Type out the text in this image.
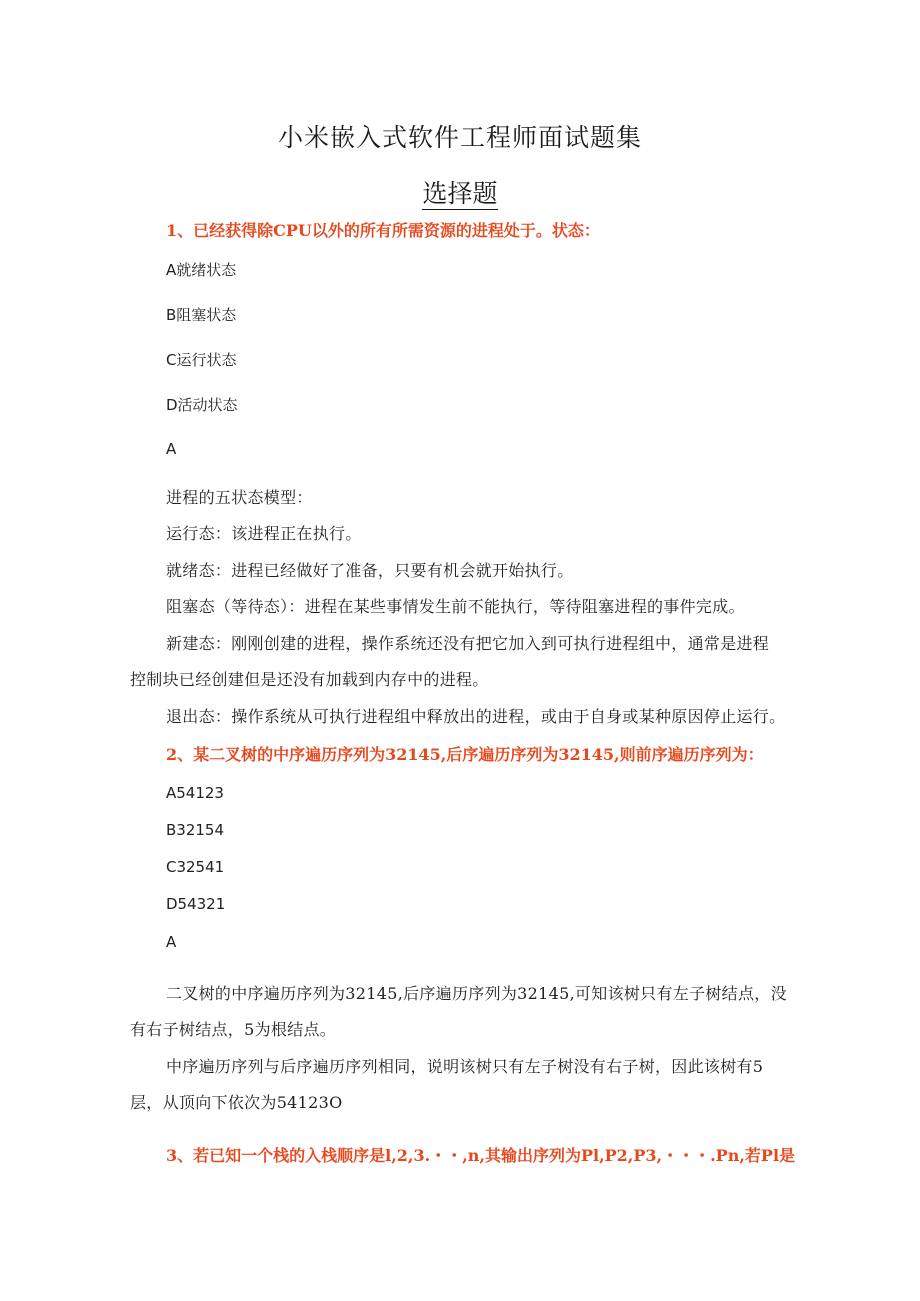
小米嵌入式软件工程师面试题集
选择题
1、已经获得除CPU以外的所有所需资源的进程处于。状态：
A就绪状态
B阻塞状态
C运行状态
D活动状态
A
进程的五状态模型：
运行态：该进程正在执行。
就绪态：进程已经做好了准备，只要有机会就开始执行。
阻塞态（等待态）：进程在某些事情发生前不能执行，等待阻塞进程的事件完成。
新建态：刚刚创建的进程，操作系统还没有把它加入到可执行进程组中，通常是进程
控制块已经创建但是还没有加载到内存中的进程。
退出态：操作系统从可执行进程组中释放出的进程，或由于自身或某种原因停止运行。
2、某二叉树的中序遍历序列为32145,后序遍历序列为32145,则前序遍历序列为：
A54123
B32154
C32541
D54321
A
二叉树的中序遍历序列为32145,后序遍历序列为32145,可知该树只有左子树结点，没
有右子树结点，5为根结点。
中序遍历序列与后序遍历序列相同，说明该树只有左子树没有右子树，因此该树有5
层，从顶向下依次为54123O
3、若已知一个栈的入栈顺序是l,2,3.・・,n,其输出序列为Pl,P2,P3,・・・.Pn,若Pl是
